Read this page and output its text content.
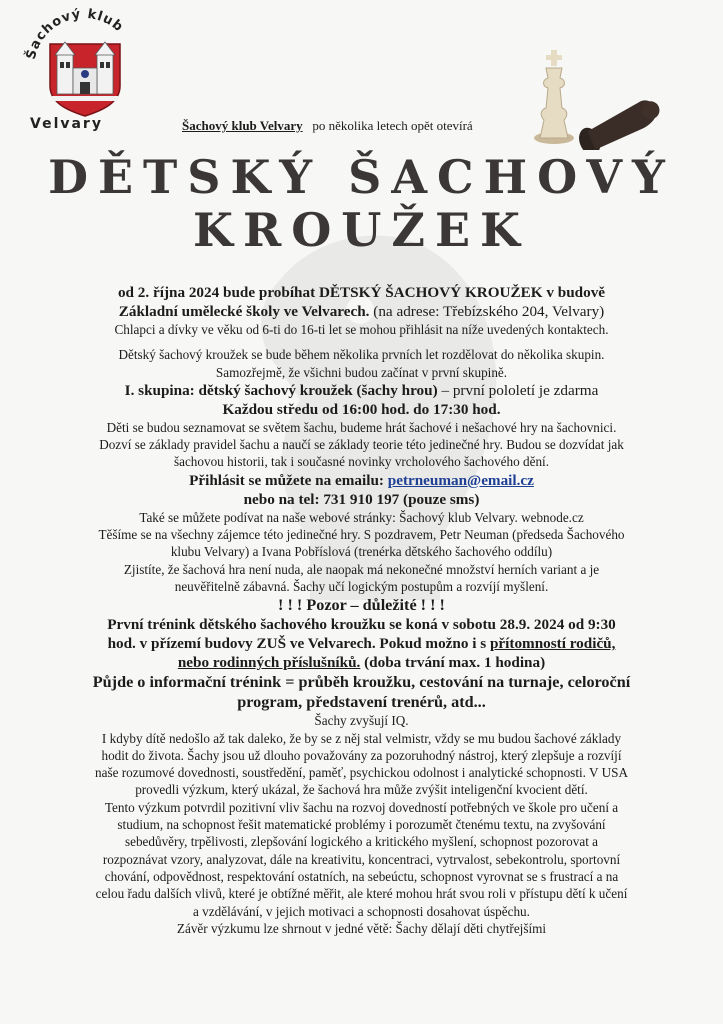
Šachový klub
Velvary	Šachový klub Velvary po několika letech opět otevírá
DĚTSKÝ ŠACHOVÝ
KROUŽEK
od 2. října 2024 bude probíhat DĚTSKÝ ŠACHOVÝ KROUŽEK v budově
Základní umělecké školy ve Velvarech. (na adrese: Třebízského 204, Velvary)
Chlapci a dívky ve věku od 6-ti do 16-ti let se mohou přihlásit na níže uvedených kontaktech.
Dětský šachový kroužek se bude během několika prvních let rozdělovat do několika skupin.
Samozřejmě, že všichni budou začínat v první skupině.
I. skupina: dětský šachový kroužek (šachy hrou) – první pololetí je zdarma
Každou středu od 16:00 hod. do 17:30 hod.
Děti se budou seznamovat se světem šachu, budeme hrát šachové i nešachové hry na šachovnici.
Dozví se základy pravidel šachu a naučí se základy teorie této jedinečné hry. Budou se dozvídat jak
šachovou historii, tak i současné novinky vrcholového šachového dění.
Přihlásit se můžete na emailu: petrneuman@email.cz
nebo na tel: 731 910 197 (pouze sms)
Také se můžete podívat na naše webové stránky: Šachový klub Velvary. webnode.cz
Těšíme se na všechny zájemce této jedinečné hry. S pozdravem, Petr Neuman (předseda Šachového
klubu Velvary) a Ivana Pobříslová (trenérka dětského šachového oddílu)
Zjistíte, že šachová hra není nuda, ale naopak má nekonečné množství herních variant a je
neuvěřitelně zábavná. Šachy učí logickým postupům a rozvíjí myšlení.
! ! ! Pozor – důležité ! ! !
První trénink dětského šachového kroužku se koná v sobotu 28.9. 2024 od 9:30
hod. v přízemí budovy ZUŠ ve Velvarech. Pokud možno i s přítomností rodičů,
nebo rodinných příslušníků. (doba trvání max. 1 hodina)
Půjde o informační trénink = průběh kroužku, cestování na turnaje, celoroční
program, představení trenérů, atd...
Šachy zvyšují IQ.
I kdyby dítě nedošlo až tak daleko, že by se z něj stal velmistr, vždy se mu budou šachové základy
hodit do života. Šachy jsou už dlouho považovány za pozoruhodný nástroj, který zlepšuje a rozvíjí
naše rozumové dovednosti, soustředění, paměť, psychickou odolnost i analytické schopnosti. V USA
provedli výzkum, který ukázal, že šachová hra může zvýšit inteligenční kvocient dětí.
Tento výzkum potvrdil pozitivní vliv šachu na rozvoj dovedností potřebných ve škole pro učení a
studium, na schopnost řešit matematické problémy i porozumět čtenému textu, na zvyšování
sebedůvěry, trpělivosti, zlepšování logického a kritického myšlení, schopnost pozorovat a
rozpoznávat vzory, analyzovat, dále na kreativitu, koncentraci, vytrvalost, sebekontrolu, sportovní
chování, odpovědnost, respektování ostatních, na sebeúctu, schopnost vyrovnat se s frustrací a na
celou řadu dalších vlivů, které je obtížné měřit, ale které mohou hrát svou roli v přístupu dětí k učení
a vzdělávání, v jejich motivaci a schopnosti dosahovat úspěchu.
Závěr výzkumu lze shrnout v jedné větě: Šachy dělají děti chytřejšími
